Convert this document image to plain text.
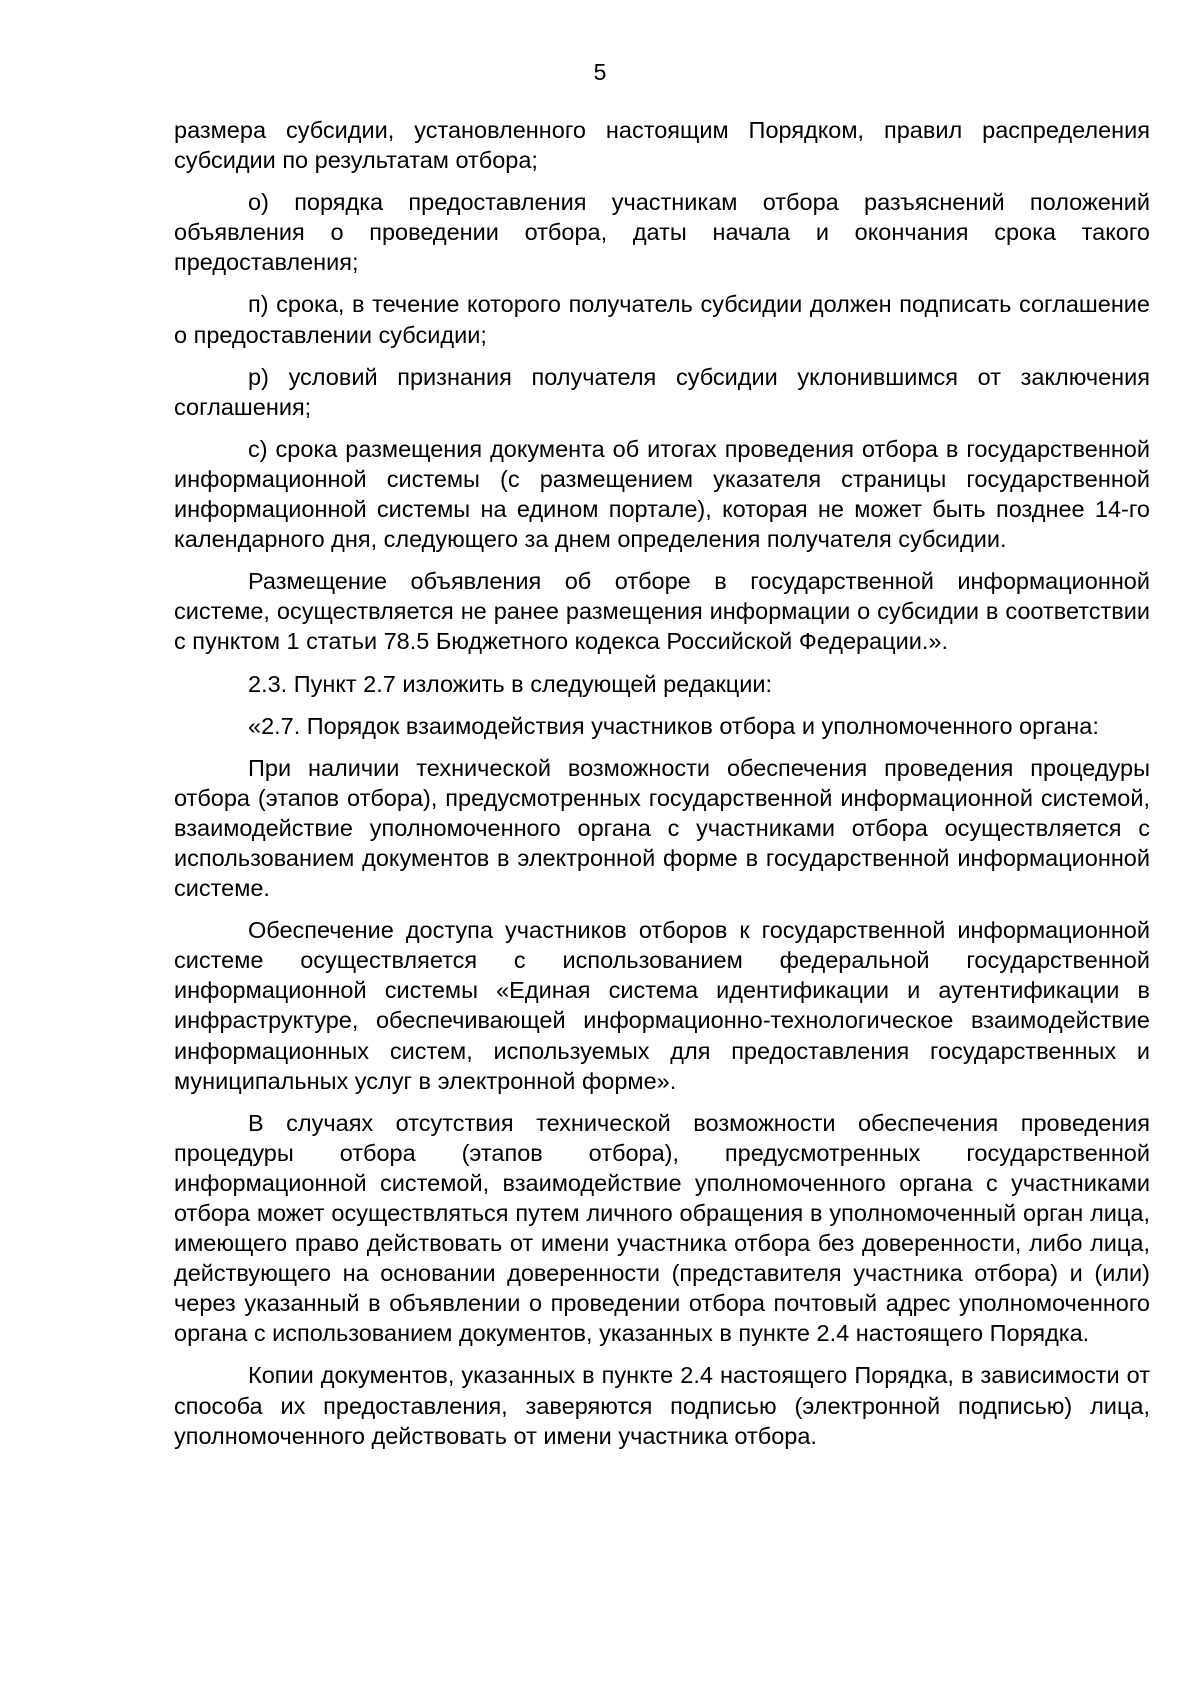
5

размера субсидии, установленного настоящим Порядком, правил распределения субсидии по результатам отбора;

о) порядка предоставления участникам отбора разъяснений положений объявления о проведении отбора, даты начала и окончания срока такого предоставления;

п) срока, в течение которого получатель субсидии должен подписать соглашение о предоставлении субсидии;

р) условий признания получателя субсидии уклонившимся от заключения соглашения;

с) срока размещения документа об итогах проведения отбора в государственной информационной системы (с размещением указателя страницы государственной информационной системы на едином портале), которая не может быть позднее 14-го календарного дня, следующего за днем определения получателя субсидии.

Размещение объявления об отборе в государственной информационной системе, осуществляется не ранее размещения информации о субсидии в соответствии с пунктом 1 статьи 78.5 Бюджетного кодекса Российской Федерации.».

2.3. Пункт 2.7 изложить в следующей редакции:

«2.7. Порядок взаимодействия участников отбора и уполномоченного органа:

При наличии технической возможности обеспечения проведения процедуры отбора (этапов отбора), предусмотренных государственной информационной системой, взаимодействие уполномоченного органа с участниками отбора осуществляется с использованием документов в электронной форме в государственной информационной системе.

Обеспечение доступа участников отборов к государственной информационной системе осуществляется с использованием федеральной государственной информационной системы «Единая система идентификации и аутентификации в инфраструктуре, обеспечивающей информационно-технологическое взаимодействие информационных систем, используемых для предоставления государственных и муниципальных услуг в электронной форме».

В случаях отсутствия технической возможности обеспечения проведения процедуры отбора (этапов отбора), предусмотренных государственной информационной системой, взаимодействие уполномоченного органа с участниками отбора может осуществляться путем личного обращения в уполномоченный орган лица, имеющего право действовать от имени участника отбора без доверенности, либо лица, действующего на основании доверенности (представителя участника отбора) и (или) через указанный в объявлении о проведении отбора почтовый адрес уполномоченного органа с использованием документов, указанных в пункте 2.4 настоящего Порядка.

Копии документов, указанных в пункте 2.4 настоящего Порядка, в зависимости от способа их предоставления, заверяются подписью (электронной подписью) лица, уполномоченного действовать от имени участника отбора.
